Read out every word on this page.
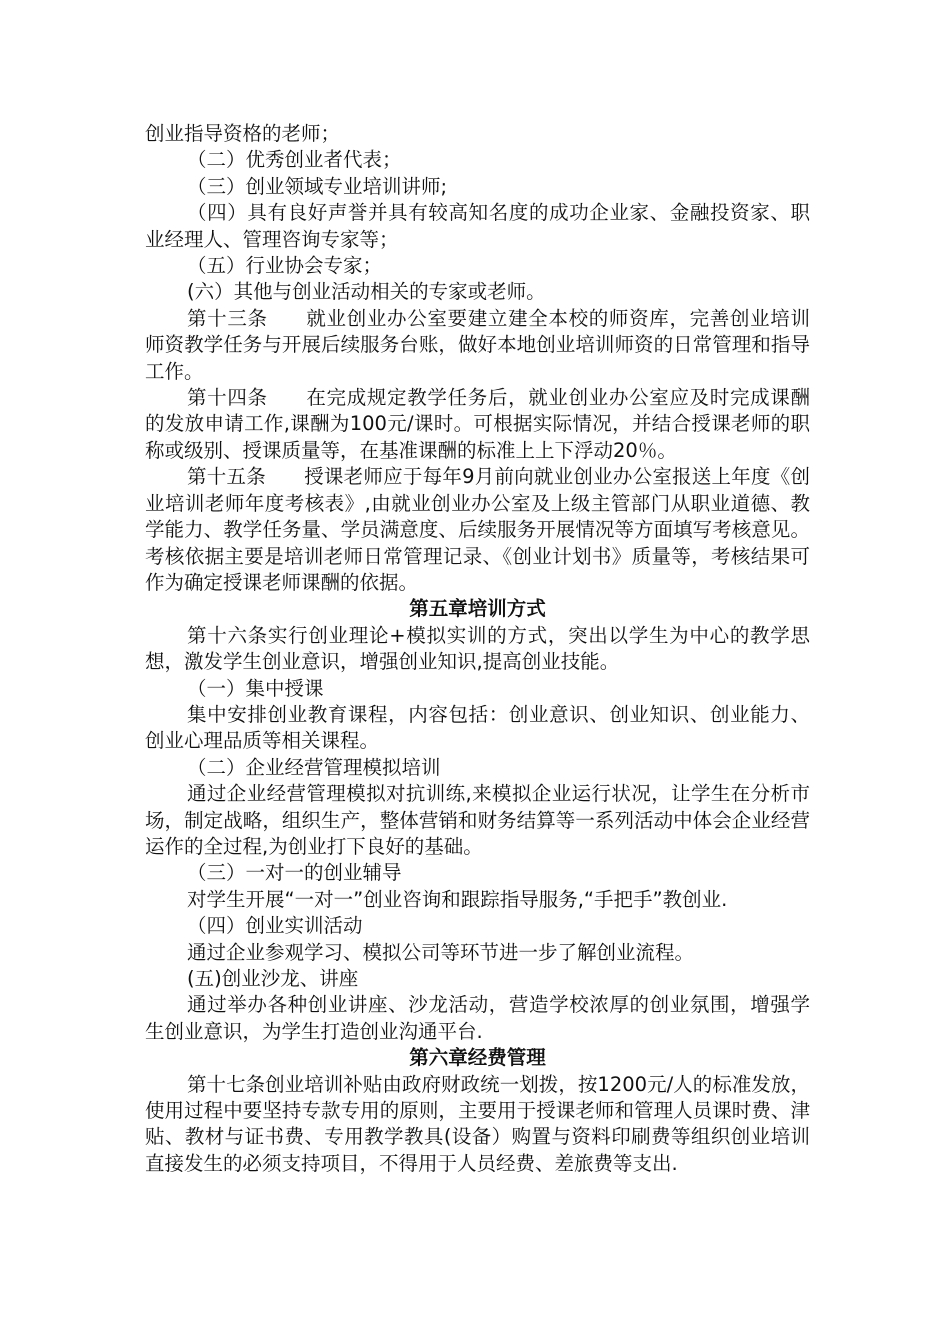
创业指导资格的老师；

（二）优秀创业者代表；

（三）创业领域专业培训讲师;

（四）具有良好声誉并具有较高知名度的成功企业家、金融投资家、职业经理人、管理咨询专家等；

（五）行业协会专家；

(六）其他与创业活动相关的专家或老师。

第十三条 就业创业办公室要建立建全本校的师资库，完善创业培训师资教学任务与开展后续服务台账，做好本地创业培训师资的日常管理和指导工作。

第十四条 在完成规定教学任务后，就业创业办公室应及时完成课酬的发放申请工作,课酬为100元/课时。可根据实际情况，并结合授课老师的职称或级别、授课质量等，在基准课酬的标准上上下浮动20％。

第十五条 授课老师应于每年9月前向就业创业办公室报送上年度《创业培训老师年度考核表》,由就业创业办公室及上级主管部门从职业道德、教学能力、教学任务量、学员满意度、后续服务开展情况等方面填写考核意见。考核依据主要是培训老师日常管理记录、《创业计划书》质量等，考核结果可作为确定授课老师课酬的依据。

第五章培训方式

第十六条实行创业理论+模拟实训的方式，突出以学生为中心的教学思想，激发学生创业意识，增强创业知识,提高创业技能。

（一）集中授课

集中安排创业教育课程，内容包括：创业意识、创业知识、创业能力、创业心理品质等相关课程。

（二）企业经营管理模拟培训

通过企业经营管理模拟对抗训练,来模拟企业运行状况，让学生在分析市场，制定战略，组织生产，整体营销和财务结算等一系列活动中体会企业经营运作的全过程,为创业打下良好的基础。

（三）一对一的创业辅导

对学生开展“一对一”创业咨询和跟踪指导服务,“手把手”教创业.

（四）创业实训活动

通过企业参观学习、模拟公司等环节进一步了解创业流程。

(五)创业沙龙、讲座

通过举办各种创业讲座、沙龙活动，营造学校浓厚的创业氛围，增强学生创业意识，为学生打造创业沟通平台.

第六章经费管理

第十七条创业培训补贴由政府财政统一划拨，按1200元/人的标准发放，使用过程中要坚持专款专用的原则，主要用于授课老师和管理人员课时费、津贴、教材与证书费、专用教学教具(设备）购置与资料印刷费等组织创业培训直接发生的必须支持项目，不得用于人员经费、差旅费等支出.
